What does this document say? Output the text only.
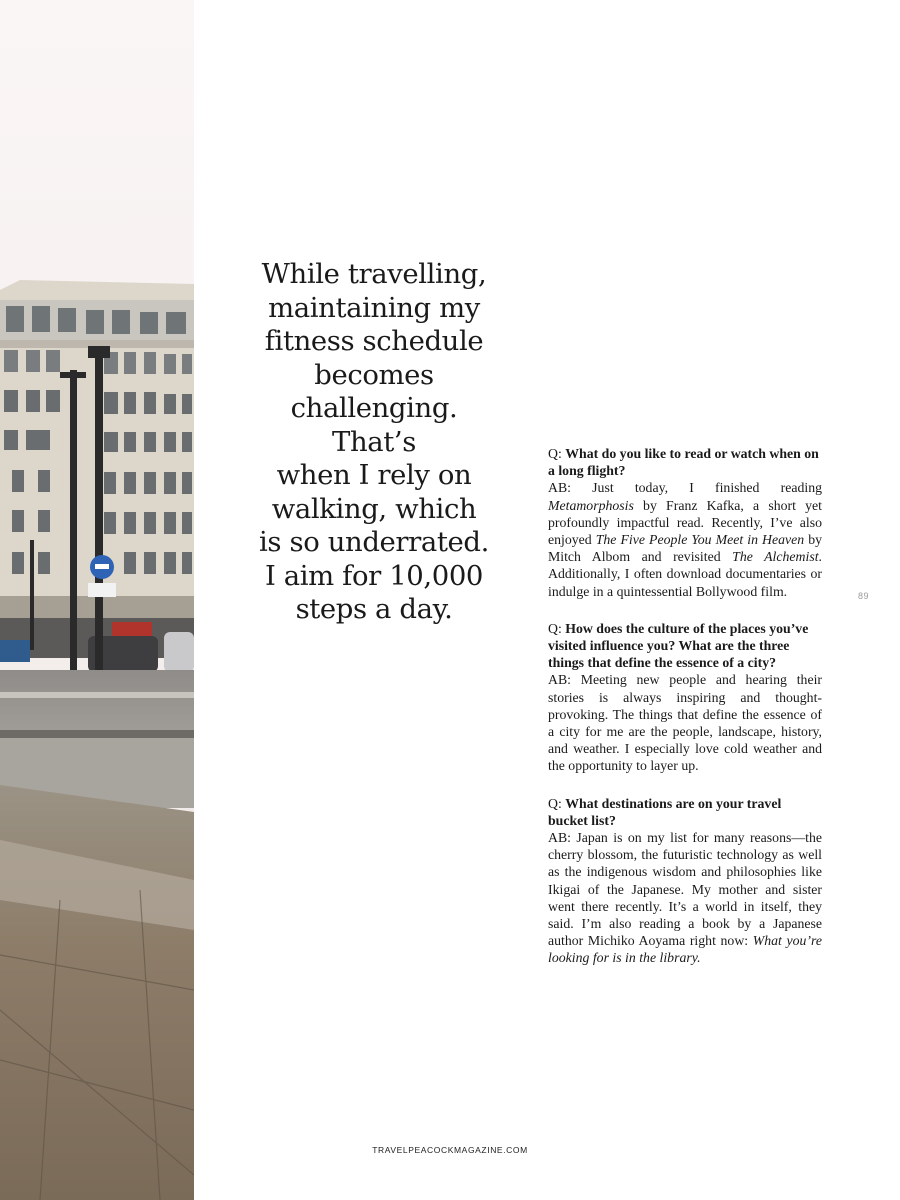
While travelling,
maintaining my
fitness schedule
becomes
challenging. That’s
when I rely on
walking, which
is so underrated.
I aim for 10,000
steps a day.

Q: What do you like to read or watch when on a long flight?

AB: Just today, I finished reading Metamorphosis by Franz Kafka, a short yet profoundly impactful read. Recently, I’ve also enjoyed The Five People You Meet in Heaven by Mitch Albom and revisited The Alchemist. Additionally, I often download documentaries or indulge in a quintessential Bollywood film.

Q: How does the culture of the places you’ve visited influence you? What are the three things that define the essence of a city?

AB: Meeting new people and hearing their stories is always inspiring and thought-provoking. The things that define the essence of a city for me are the people, landscape, history, and weather. I especially love cold weather and the opportunity to layer up.

Q: What destinations are on your travel bucket list?

AB: Japan is on my list for many reasons—the cherry blossom, the futuristic technology as well as the indigenous wisdom and philosophies like Ikigai of the Japanese. My mother and sister went there recently. It’s a world in itself, they said. I’m also reading a book by a Japanese author Michiko Aoyama right now: What you’re looking for is in the library.

89
TRAVELPEACOCKMAGAZINE.COM
